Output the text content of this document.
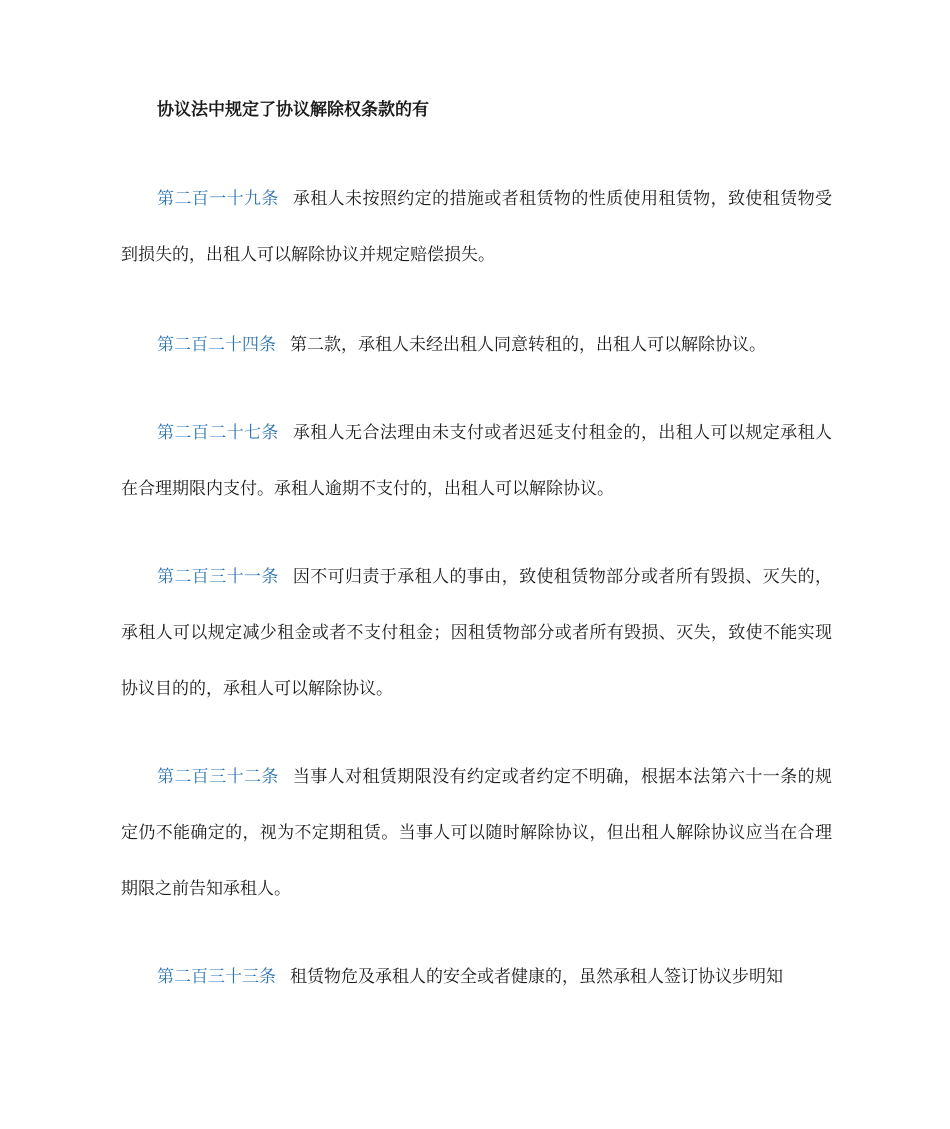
协议法中规定了协议解除权条款的有

第二百一十九条 承租人未按照约定的措施或者租赁物的性质使用租赁物，致使租赁物受到损失的，出租人可以解除协议并规定赔偿损失。

第二百二十四条 第二款，承租人未经出租人同意转租的，出租人可以解除协议。

第二百二十七条 承租人无合法理由未支付或者迟延支付租金的，出租人可以规定承租人在合理期限内支付。承租人逾期不支付的，出租人可以解除协议。

第二百三十一条 因不可归责于承租人的事由，致使租赁物部分或者所有毁损、灭失的，承租人可以规定减少租金或者不支付租金；因租赁物部分或者所有毁损、灭失，致使不能实现协议目的的，承租人可以解除协议。

第二百三十二条 当事人对租赁期限没有约定或者约定不明确，根据本法第六十一条的规定仍不能确定的，视为不定期租赁。当事人可以随时解除协议，但出租人解除协议应当在合理期限之前告知承租人。

第二百三十三条 租赁物危及承租人的安全或者健康的，虽然承租人签订协议步明知
